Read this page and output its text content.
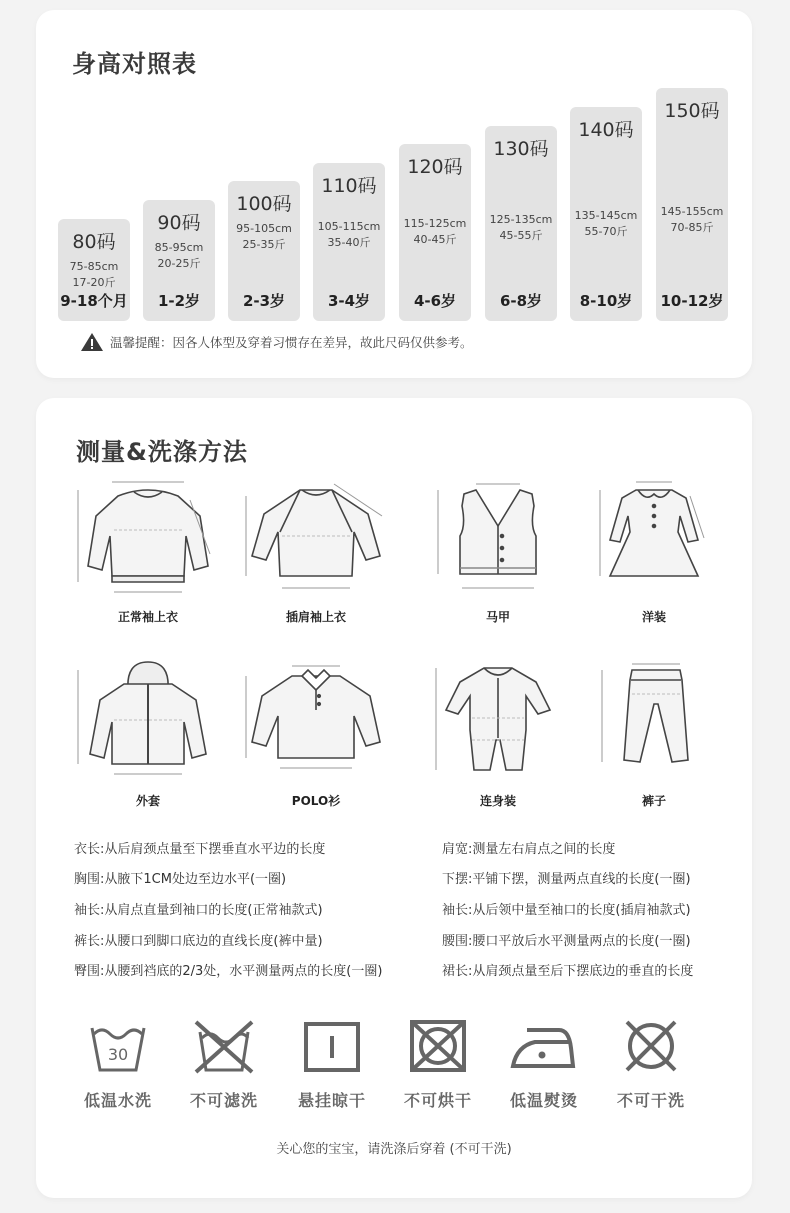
身高对照表
80码
75-85cm
17-20斤
9-18个月
90码
85-95cm
20-25斤
1-2岁
100码
95-105cm
25-35斤
2-3岁
110码
105-115cm
35-40斤
3-4岁
120码
115-125cm
40-45斤
4-6岁
130码
125-135cm
45-55斤
6-8岁
140码
135-145cm
55-70斤
8-10岁
150码
145-155cm
70-85斤
10-12岁
温馨提醒：因各人体型及穿着习惯存在差异，故此尺码仅供参考。
测量&洗涤方法
正常袖上衣	插肩袖上衣	马甲	洋装
外套	POLO衫	连身装	裤子
衣长:从后肩颈点量至下摆垂直水平边的长度
胸围:从腋下1CM处边至边水平(一圈)
袖长:从肩点直量到袖口的长度(正常袖款式)
裤长:从腰口到脚口底边的直线长度(裤中量)
臀围:从腰到裆底的2/3处，水平测量两点的长度(一圈)
肩宽:测量左右肩点之间的长度
下摆:平铺下摆，测量两点直线的长度(一圈)
袖长:从后领中量至袖口的长度(插肩袖款式)
腰围:腰口平放后水平测量两点的长度(一圈)
裙长:从肩颈点量至后下摆底边的垂直的长度
30
低温水洗	不可滤洗	悬挂晾干	不可烘干	低温熨烫	不可干洗
关心您的宝宝，请洗涤后穿着 (不可干洗)
